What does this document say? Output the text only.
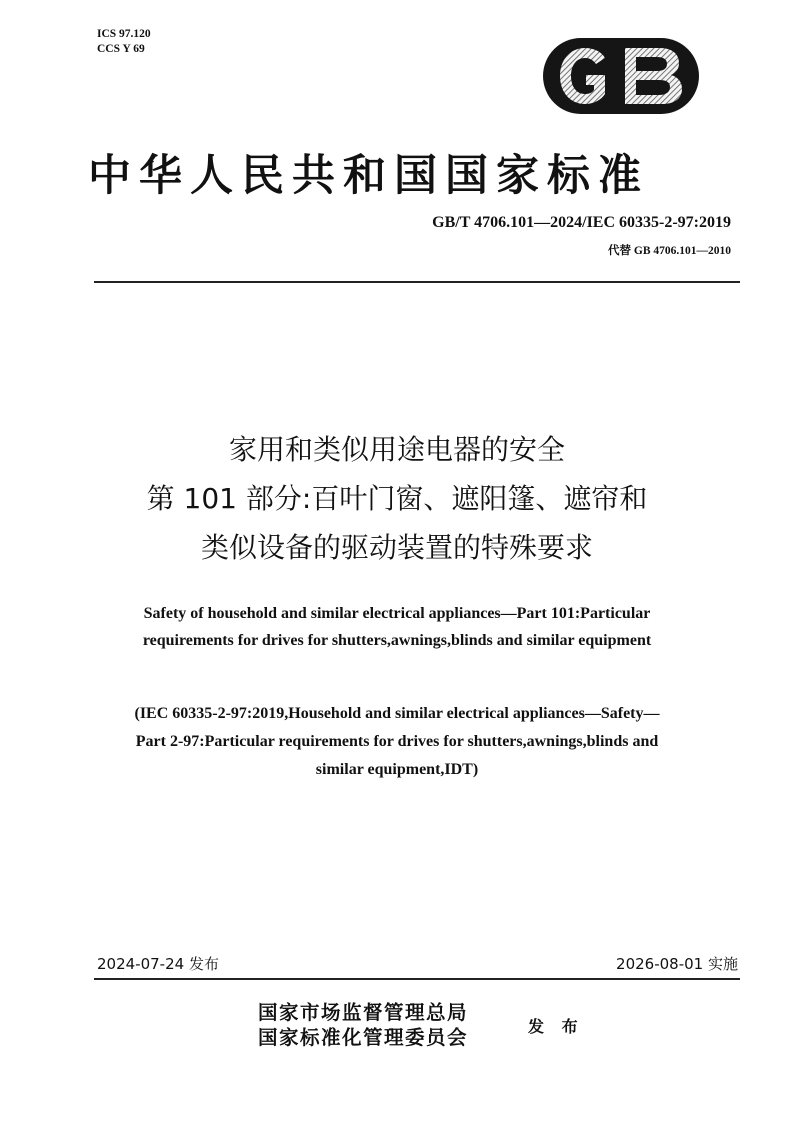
ICS 97.120
CCS Y 69
中华人民共和国国家标准
GB/T 4706.101—2024/IEC 60335-2-97:2019
代替 GB 4706.101—2010
家用和类似用途电器的安全
第 101 部分:百叶门窗、遮阳篷、遮帘和
类似设备的驱动装置的特殊要求
Safety of household and similar electrical appliances—Part 101:Particular
requirements for drives for shutters,awnings,blinds and similar equipment
(IEC 60335-2-97:2019,Household and similar electrical appliances—Safety—
Part 2-97:Particular requirements for drives for shutters,awnings,blinds and
similar equipment,IDT)
2024-07-24 发布	2026-08-01 实施
国家市场监督管理总局
国家标准化管理委员会	发 布
